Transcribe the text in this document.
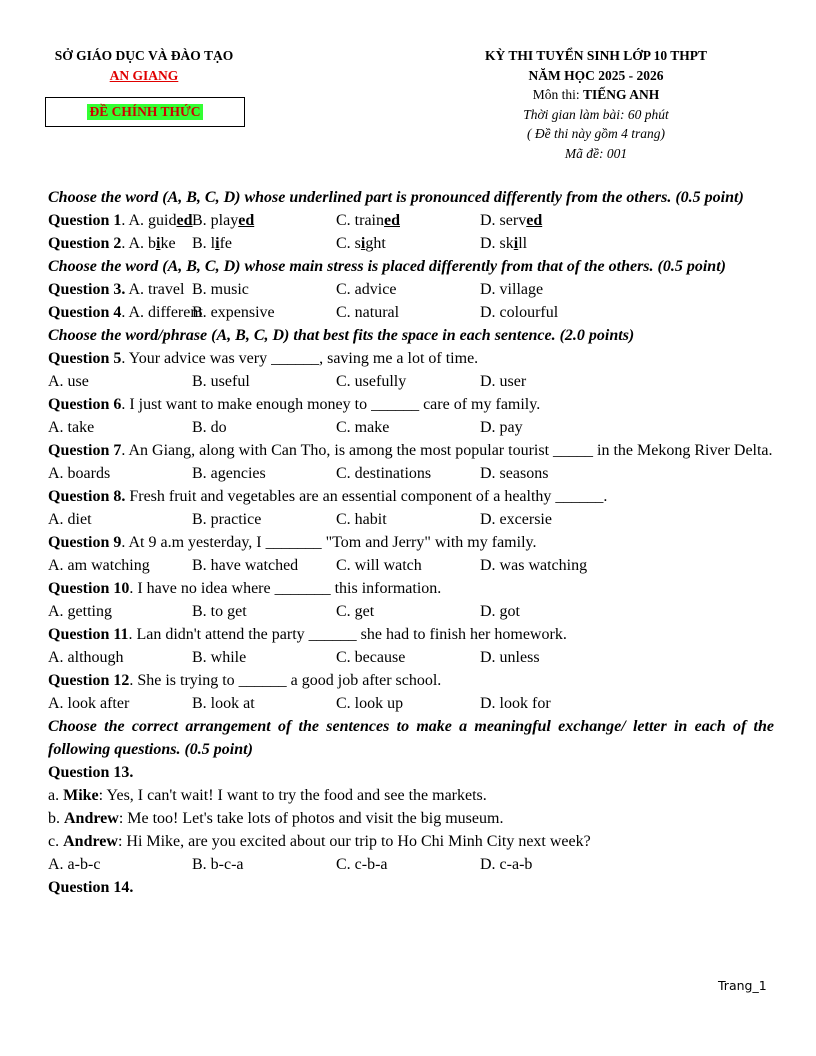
SỞ GIÁO DỤC VÀ ĐÀO TẠO
AN GIANG
ĐỀ CHÍNH THỨC
KỲ THI TUYỂN SINH LỚP 10 THPT
NĂM HỌC 2025 - 2026
Môn thi: TIẾNG ANH
Thời gian làm bài: 60 phút
( Đề thi này gồm 4 trang)
Mã đề: 001
Choose the word (A, B, C, D) whose underlined part is pronounced differently from the others. (0.5 point)
Question 1. A. guidedB. played	C. trained	D. served
Question 2. A. bike B. life	C. sight	D. skill
Choose the word (A, B, C, D) whose main stress is placed differently from that of the others. (0.5 point)
Question 3. A. travel B. music	C. advice	D. village
Question 4. A. differentB. expensive	C. natural	D. colourful
Choose the word/phrase (A, B, C, D) that best fits the space in each sentence. (2.0 points)
Question 5. Your advice was very ______, saving me a lot of time.
A. use	B. useful	C. usefully	D. user
Question 6. I just want to make enough money to ______ care of my family.
A. take	B. do	C. make	D. pay
Question 7. An Giang, along with Can Tho, is among the most popular tourist _____ in the Mekong River Delta.
A. boards	B. agencies	C. destinations	D. seasons
Question 8. Fresh fruit and vegetables are an essential component of a healthy ______.
A. diet	B. practice	C. habit	D. excersie
Question 9. At 9 a.m yesterday, I _______ "Tom and Jerry" with my family.
A. am watching	B. have watched C. will watch	D. was watching
Question 10. I have no idea where _______ this information.
A. getting	B. to get	C. get	D. got
Question 11. Lan didn't attend the party ______ she had to finish her homework.
A. although	B. while	C. because	D. unless
Question 12. She is trying to ______ a good job after school.
A. look after	B. look at	C. look up	D. look for
Choose the correct arrangement of the sentences to make a meaningful exchange/ letter in each of the following questions. (0.5 point)
Question 13.
a. Mike: Yes, I can't wait! I want to try the food and see the markets.
b. Andrew: Me too! Let's take lots of photos and visit the big museum.
c. Andrew: Hi Mike, are you excited about our trip to Ho Chi Minh City next week?
A. a-b-c	B. b-c-a	C. c-b-a	D. c-a-b
Question 14.
Trang_1
